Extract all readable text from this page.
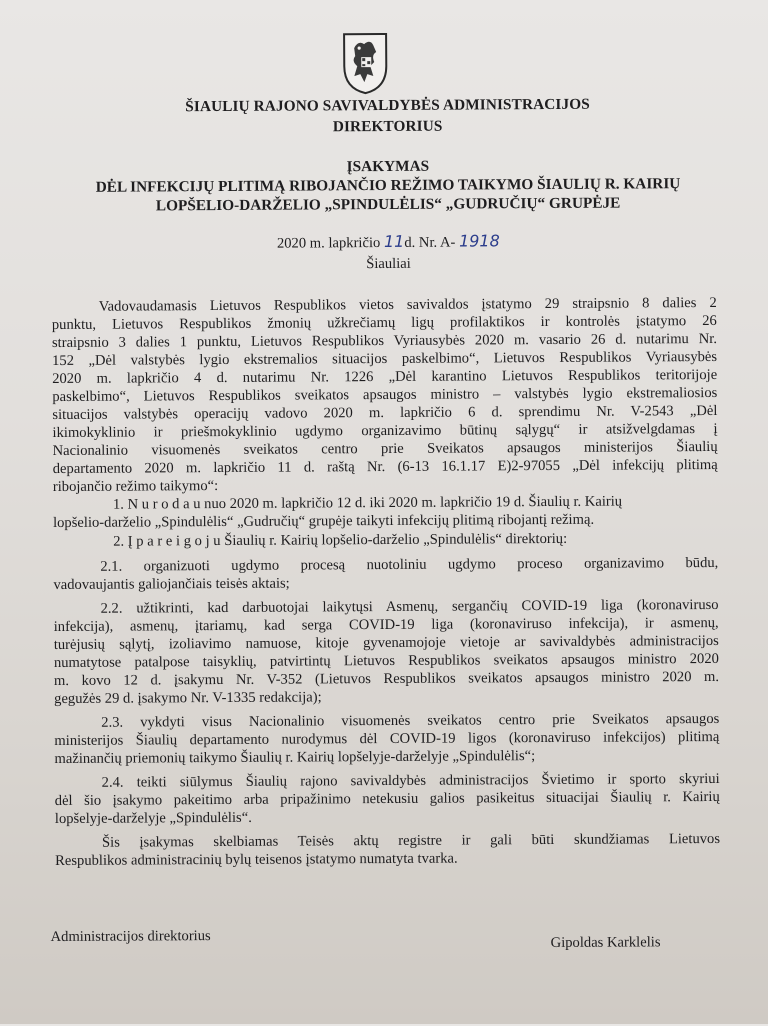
ŠIAULIŲ RAJONO SAVIVALDYBĖS ADMINISTRACIJOS
DIREKTORIUS
ĮSAKYMAS
DĖL INFEKCIJŲ PLITIMĄ RIBOJANČIO REŽIMO TAIKYMO ŠIAULIŲ R. KAIRIŲ
LOPŠELIO-DARŽELIO „SPINDULĖLIS“ „GUDRUČIŲ“ GRUPĖJE
2020 m. lapkričio 11d. Nr. A- 1918
Šiauliai
Vadovaudamasis Lietuvos Respublikos vietos savivaldos įstatymo 29 straipsnio 8 dalies 2
punktu, Lietuvos Respublikos žmonių užkrečiamų ligų profilaktikos ir kontrolės įstatymo 26
straipsnio 3 dalies 1 punktu, Lietuvos Respublikos Vyriausybės 2020 m. vasario 26 d. nutarimu Nr.
152 „Dėl valstybės lygio ekstremalios situacijos paskelbimo“, Lietuvos Respublikos Vyriausybės
2020 m. lapkričio 4 d. nutarimu Nr. 1226 „Dėl karantino Lietuvos Respublikos teritorijoje
paskelbimo“, Lietuvos Respublikos sveikatos apsaugos ministro – valstybės lygio ekstremaliosios
situacijos valstybės operacijų vadovo 2020 m. lapkričio 6 d. sprendimu Nr. V-2543 „Dėl
ikimokyklinio ir priešmokyklinio ugdymo organizavimo būtinų sąlygų“ ir atsižvelgdamas į
Nacionalinio visuomenės sveikatos centro prie Sveikatos apsaugos ministerijos Šiaulių
departamento 2020 m. lapkričio 11 d. raštą Nr. (6-13 16.1.17 E)2-97055 „Dėl infekcijų plitimą
ribojančio režimo taikymo“:
1. N u r o d a u nuo 2020 m. lapkričio 12 d. iki 2020 m. lapkričio 19 d. Šiaulių r. Kairių
lopšelio-darželio „Spindulėlis“ „Gudručių“ grupėje taikyti infekcijų plitimą ribojantį režimą.
2. Į p a r e i g o j u Šiaulių r. Kairių lopšelio-darželio „Spindulėlis“ direktorių:
2.1. organizuoti ugdymo procesą nuotoliniu ugdymo proceso organizavimo būdu,
vadovaujantis galiojančiais teisės aktais;
2.2. užtikrinti, kad darbuotojai laikytųsi Asmenų, sergančių COVID-19 liga (koronaviruso
infekcija), asmenų, įtariamų, kad serga COVID-19 liga (koronaviruso infekcija), ir asmenų,
turėjusių sąlytį, izoliavimo namuose, kitoje gyvenamojoje vietoje ar savivaldybės administracijos
numatytose patalpose taisyklių, patvirtintų Lietuvos Respublikos sveikatos apsaugos ministro 2020
m. kovo 12 d. įsakymu Nr. V-352 (Lietuvos Respublikos sveikatos apsaugos ministro 2020 m.
gegužės 29 d. įsakymo Nr. V-1335 redakcija);
2.3. vykdyti visus Nacionalinio visuomenės sveikatos centro prie Sveikatos apsaugos
ministerijos Šiaulių departamento nurodymus dėl COVID-19 ligos (koronaviruso infekcijos) plitimą
mažinančių priemonių taikymo Šiaulių r. Kairių lopšelyje-darželyje „Spindulėlis“;
2.4. teikti siūlymus Šiaulių rajono savivaldybės administracijos Švietimo ir sporto skyriui
dėl šio įsakymo pakeitimo arba pripažinimo netekusiu galios pasikeitus situacijai Šiaulių r. Kairių
lopšelyje-darželyje „Spindulėlis“.
Šis įsakymas skelbiamas Teisės aktų registre ir gali būti skundžiamas Lietuvos
Respublikos administracinių bylų teisenos įstatymo numatyta tvarka.
Administracijos direktorius	Gipoldas Karklelis
